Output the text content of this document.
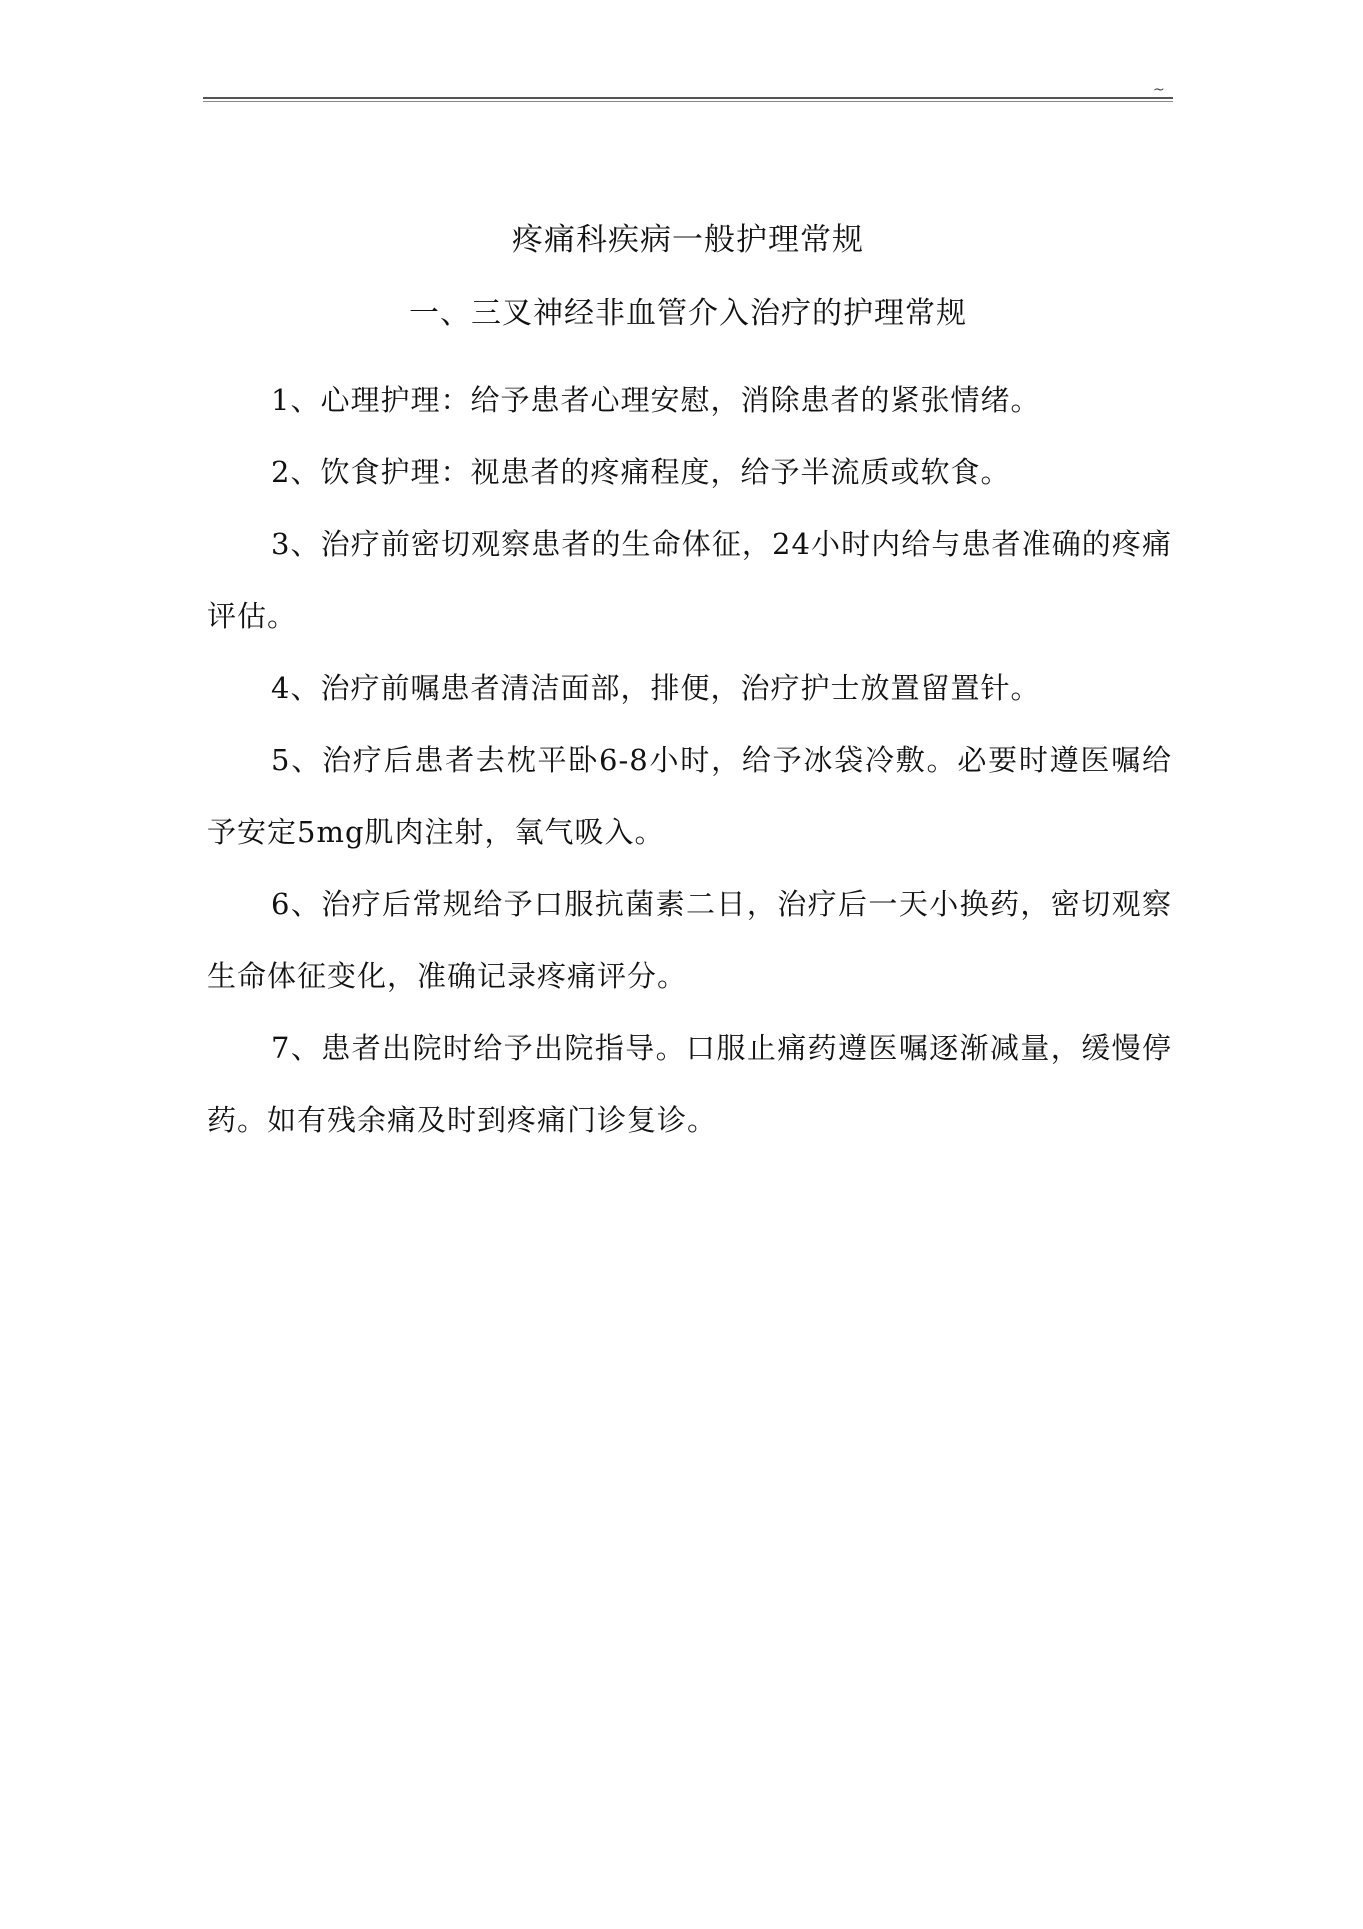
~
疼痛科疾病一般护理常规
一、三叉神经非血管介入治疗的护理常规

1、心理护理：给予患者心理安慰，消除患者的紧张情绪。

2、饮食护理：视患者的疼痛程度，给予半流质或软食。

3、治疗前密切观察患者的生命体征，24小时内给与患者准确的疼痛评估。

4、治疗前嘱患者清洁面部，排便，治疗护士放置留置针。

5、治疗后患者去枕平卧6-8小时，给予冰袋冷敷。必要时遵医嘱给予安定5mg肌肉注射，氧气吸入。

6、治疗后常规给予口服抗菌素二日，治疗后一天小换药，密切观察生命体征变化，准确记录疼痛评分。

7、患者出院时给予出院指导。口服止痛药遵医嘱逐渐减量，缓慢停药。如有残余痛及时到疼痛门诊复诊。
